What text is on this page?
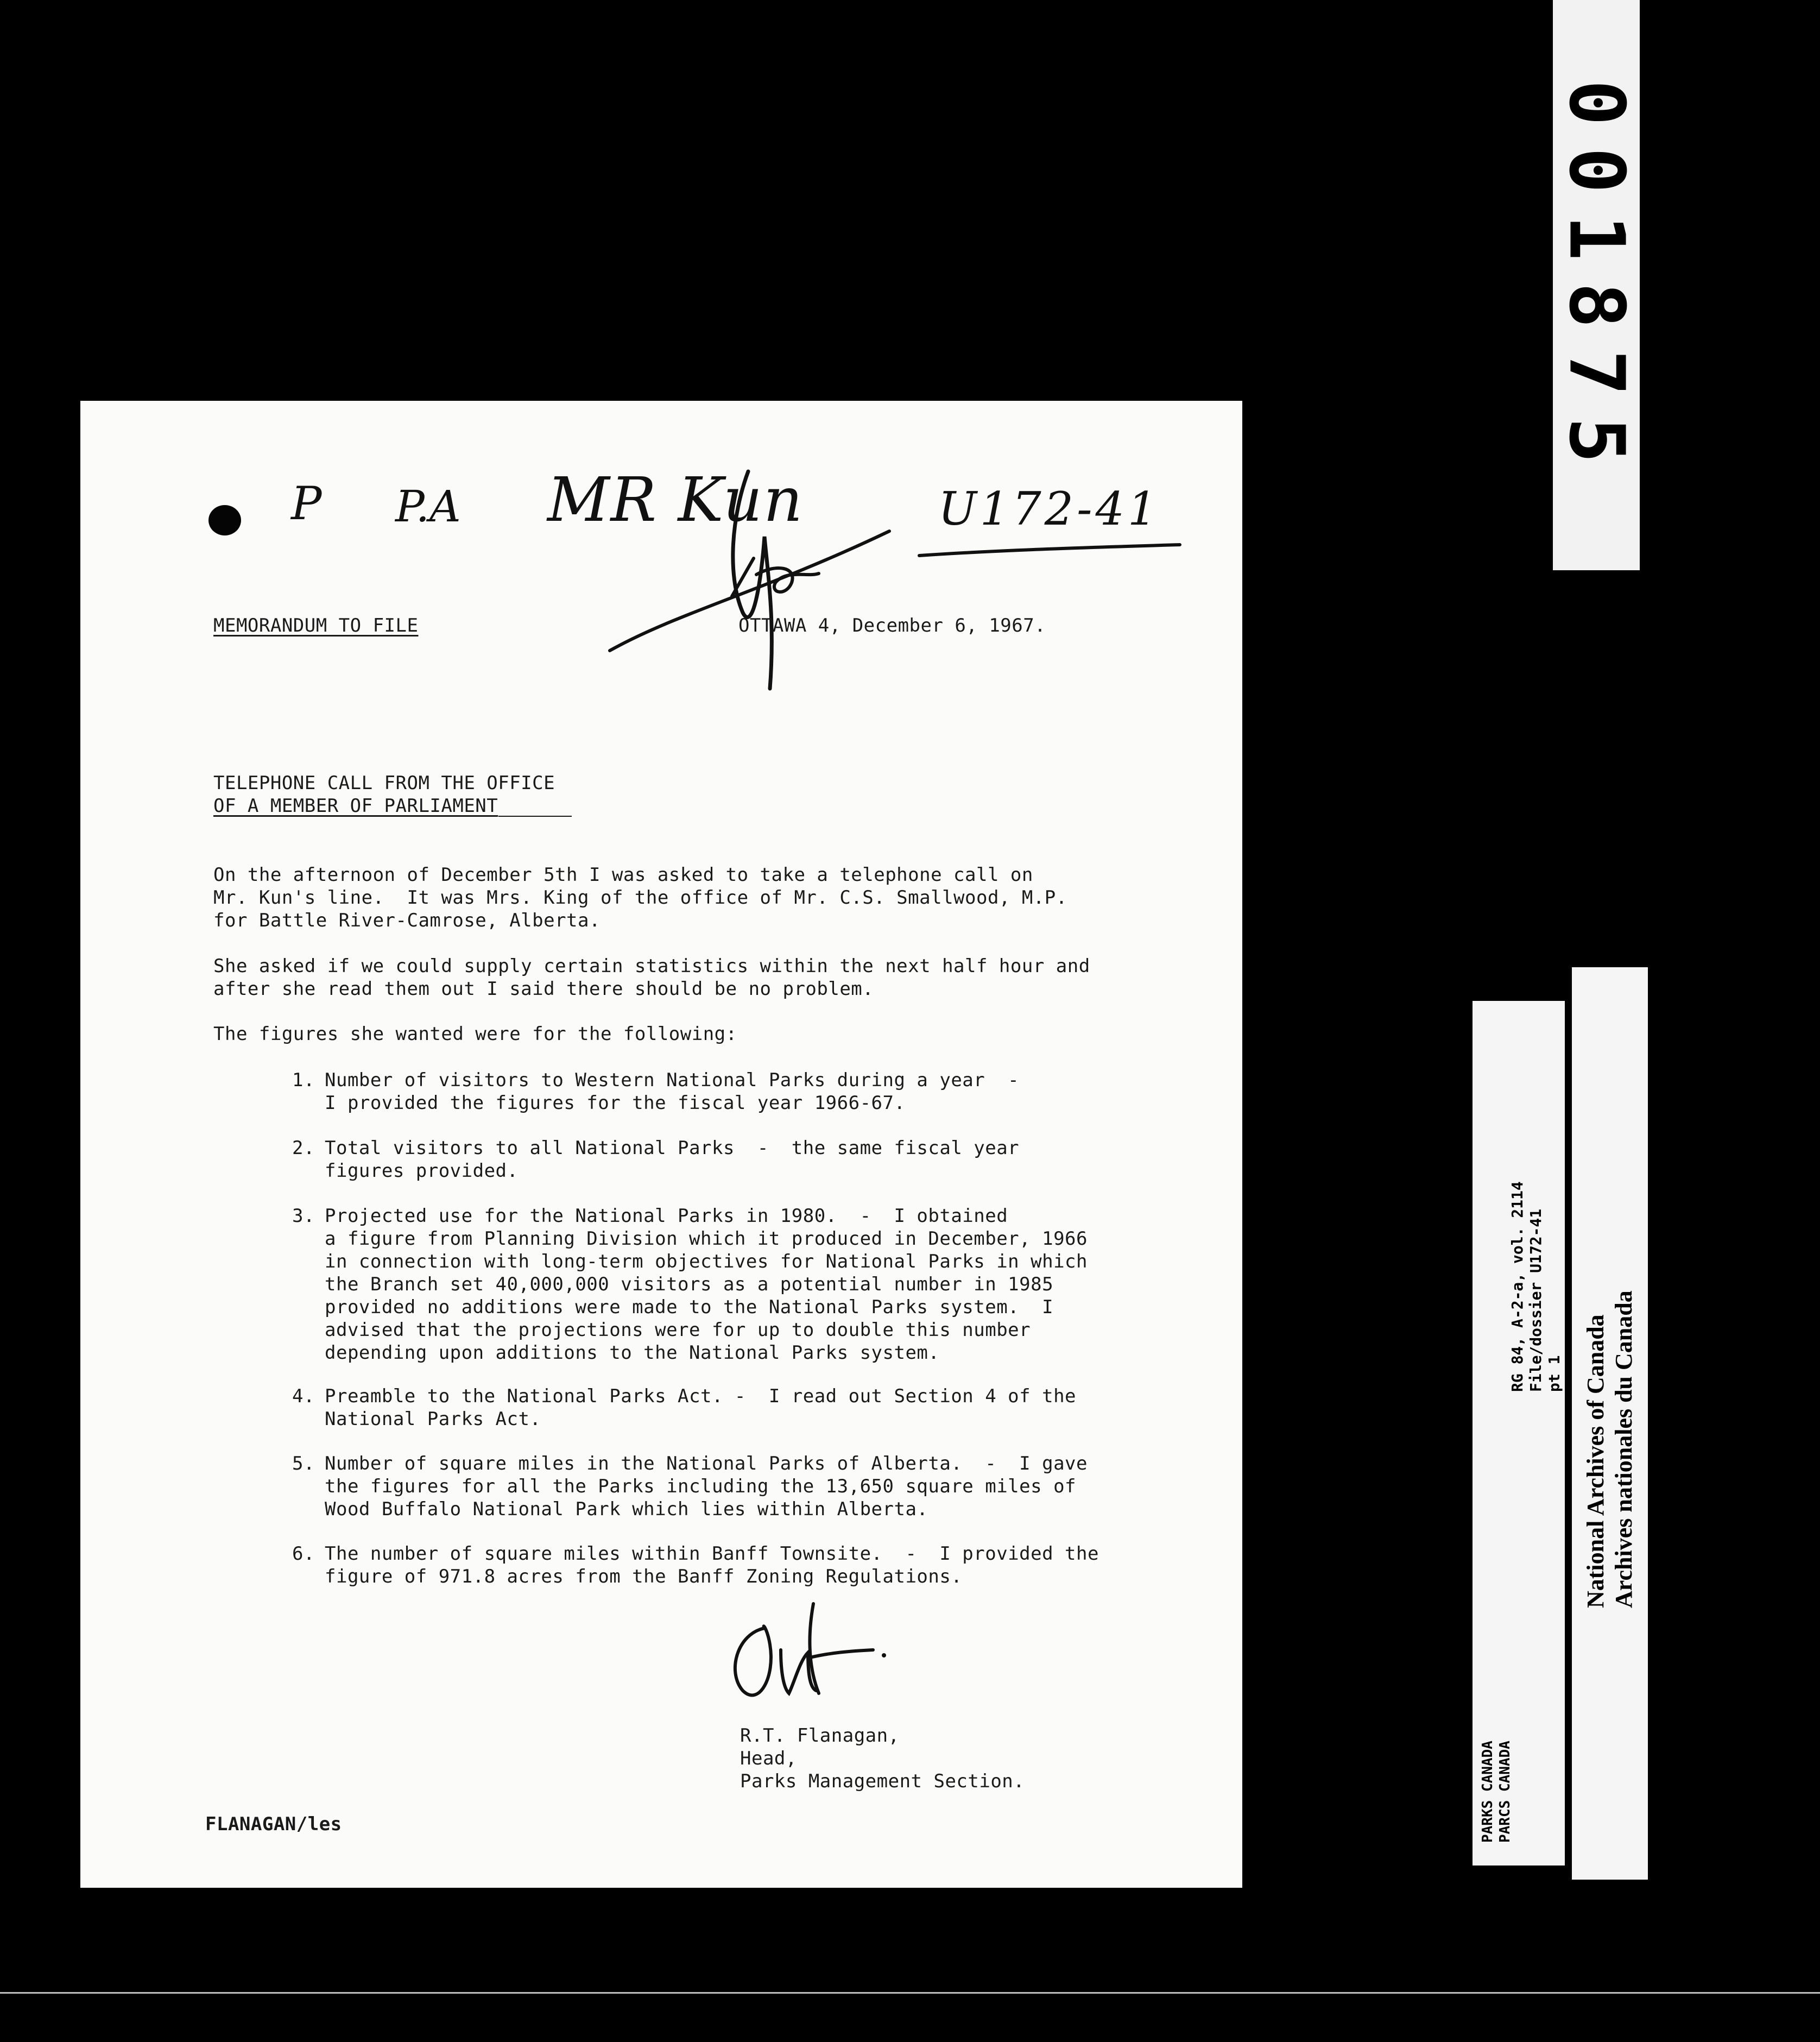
P P.A MR Kun	U172-41
MEMORANDUM TO FILE	OTTAWA 4, December 6, 1967.
TELEPHONE CALL FROM THE OFFICE
OF A MEMBER OF PARLIAMENT
On the afternoon of December 5th I was asked to take a telephone call on
Mr. Kun's line.  It was Mrs. King of the office of Mr. C.S. Smallwood, M.P.
for Battle River-Camrose, Alberta.
She asked if we could supply certain statistics within the next half hour and
after she read them out I said there should be no problem.
The figures she wanted were for the following:
1. Number of visitors to Western National Parks during a year  -
I provided the figures for the fiscal year 1966-67.
2. Total visitors to all National Parks  -  the same fiscal year
figures provided.
3. Projected use for the National Parks in 1980.  -  I obtained
a figure from Planning Division which it produced in December, 1966
in connection with long-term objectives for National Parks in which
the Branch set 40,000,000 visitors as a potential number in 1985
provided no additions were made to the National Parks system.  I
advised that the projections were for up to double this number
depending upon additions to the National Parks system.
4. Preamble to the National Parks Act. -  I read out Section 4 of the
National Parks Act.
5. Number of square miles in the National Parks of Alberta.  -  I gave
the figures for all the Parks including the 13,650 square miles of
Wood Buffalo National Park which lies within Alberta.
6. The number of square miles within Banff Townsite.  -  I provided the
figure of 971.8 acres from the Banff Zoning Regulations.
R.T. Flanagan,
Head,
Parks Management Section.
FLANAGAN/les
001875
PARKS CANADA PARCS CANADA
RG 84, A-2-a, vol. 2114 File/dossier U172-41 pt 1 National Archives of Canada Archives nationales du Canada
